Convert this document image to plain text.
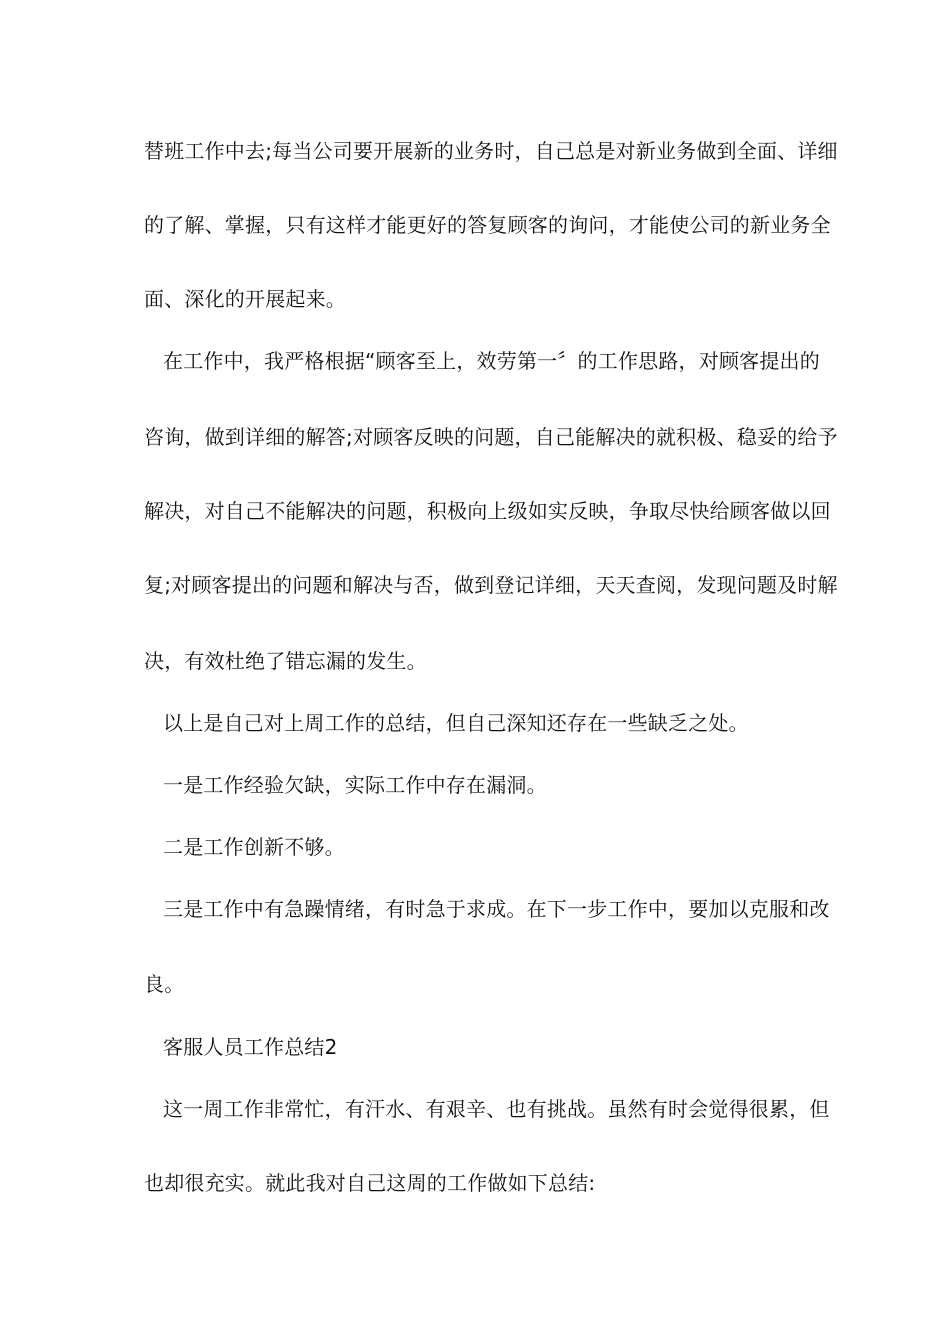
替班工作中去;每当公司要开展新的业务时，自己总是对新业务做到全面、详细
的了解、掌握，只有这样才能更好的答复顾客的询问，才能使公司的新业务全
面、深化的开展起来。
在工作中，我严格根据“顾客至上，效劳第一〞的工作思路，对顾客提出的
咨询，做到详细的解答;对顾客反映的问题，自己能解决的就积极、稳妥的给予
解决，对自己不能解决的问题，积极向上级如实反映，争取尽快给顾客做以回
复;对顾客提出的问题和解决与否，做到登记详细，天天查阅，发现问题及时解
决，有效杜绝了错忘漏的发生。
以上是自己对上周工作的总结，但自己深知还存在一些缺乏之处。
一是工作经验欠缺，实际工作中存在漏洞。
二是工作创新不够。
三是工作中有急躁情绪，有时急于求成。在下一步工作中，要加以克服和改
良。
客服人员工作总结2
这一周工作非常忙，有汗水、有艰辛、也有挑战。虽然有时会觉得很累，但
也却很充实。就此我对自己这周的工作做如下总结:
